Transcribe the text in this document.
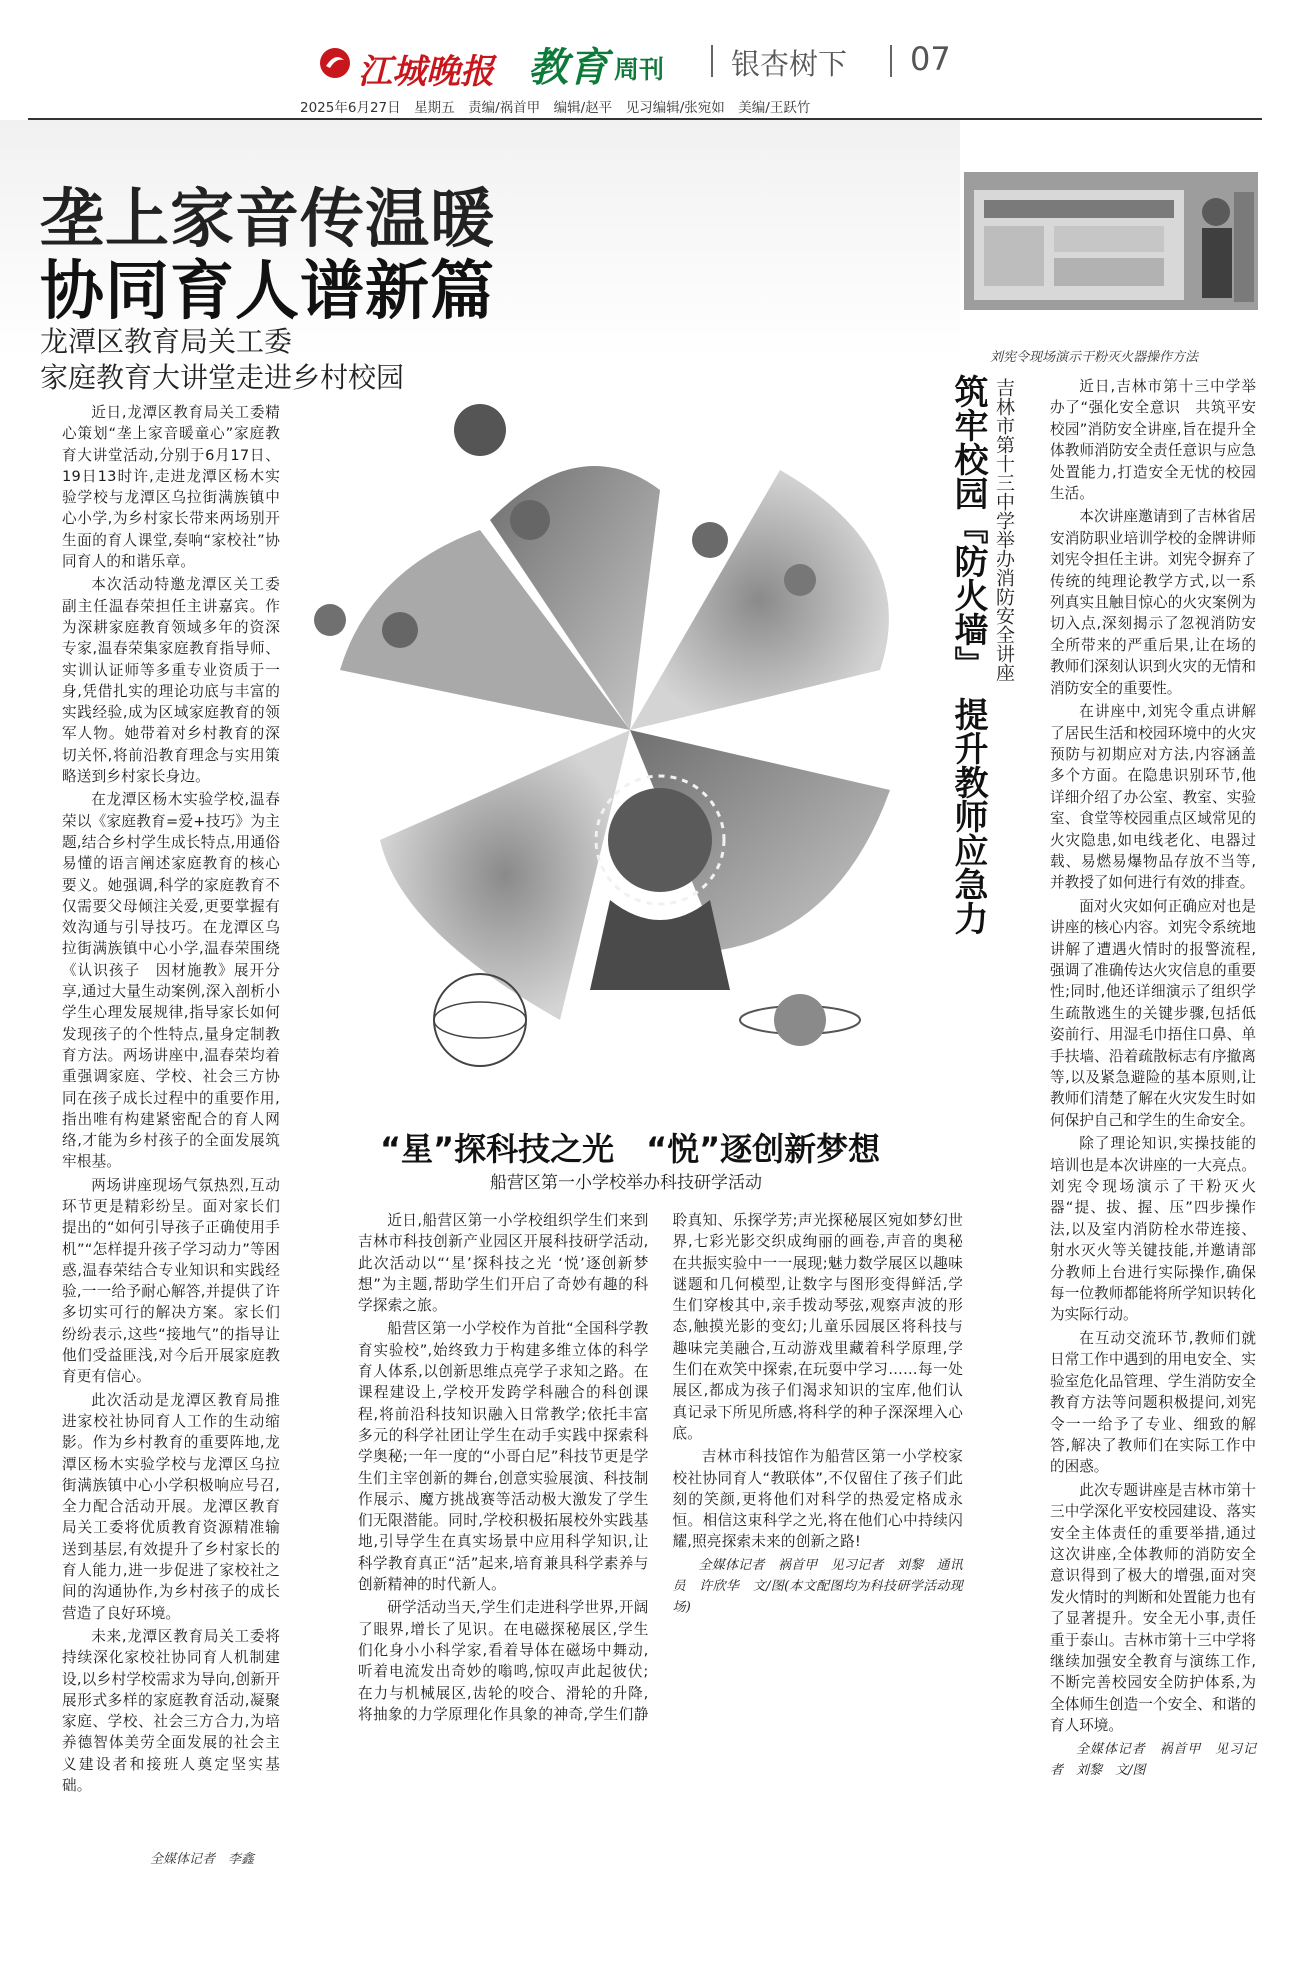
江城晚报 教育 周刊 银杏树下 07
2025年6月27日　星期五　责编/祸首甲　编辑/赵平　见习编辑/张宛如　美编/王跃竹
垄上家音传温暖
协同育人谱新篇
龙潭区教育局关工委
家庭教育大讲堂走进乡村校园

近日,龙潭区教育局关工委精心策划“垄上家音暖童心”家庭教育大讲堂活动,分别于6月17日、19日13时许,走进龙潭区杨木实验学校与龙潭区乌拉街满族镇中心小学,为乡村家长带来两场别开生面的育人课堂,奏响“家校社”协同育人的和谐乐章。

本次活动特邀龙潭区关工委副主任温春荣担任主讲嘉宾。作为深耕家庭教育领域多年的资深专家,温春荣集家庭教育指导师、实训认证师等多重专业资质于一身,凭借扎实的理论功底与丰富的实践经验,成为区域家庭教育的领军人物。她带着对乡村教育的深切关怀,将前沿教育理念与实用策略送到乡村家长身边。

在龙潭区杨木实验学校,温春荣以《家庭教育=爱+技巧》为主题,结合乡村学生成长特点,用通俗易懂的语言阐述家庭教育的核心要义。她强调,科学的家庭教育不仅需要父母倾注关爱,更要掌握有效沟通与引导技巧。在龙潭区乌拉街满族镇中心小学,温春荣围绕《认识孩子　因材施教》展开分享,通过大量生动案例,深入剖析小学生心理发展规律,指导家长如何发现孩子的个性特点,量身定制教育方法。两场讲座中,温春荣均着重强调家庭、学校、社会三方协同在孩子成长过程中的重要作用,指出唯有构建紧密配合的育人网络,才能为乡村孩子的全面发展筑牢根基。

两场讲座现场气氛热烈,互动环节更是精彩纷呈。面对家长们提出的“如何引导孩子正确使用手机”“怎样提升孩子学习动力”等困惑,温春荣结合专业知识和实践经验,一一给予耐心解答,并提供了许多切实可行的解决方案。家长们纷纷表示,这些“接地气”的指导让他们受益匪浅,对今后开展家庭教育更有信心。

此次活动是龙潭区教育局推进家校社协同育人工作的生动缩影。作为乡村教育的重要阵地,龙潭区杨木实验学校与龙潭区乌拉街满族镇中心小学积极响应号召,全力配合活动开展。龙潭区教育局关工委将优质教育资源精准输送到基层,有效提升了乡村家长的育人能力,进一步促进了家校社之间的沟通协作,为乡村孩子的成长营造了良好环境。

未来,龙潭区教育局关工委将持续深化家校社协同育人机制建设,以乡村学校需求为导向,创新开展形式多样的家庭教育活动,凝聚家庭、学校、社会三方合力,为培养德智体美劳全面发展的社会主义建设者和接班人奠定坚实基础。

全媒体记者　李鑫
“星”探科技之光　“悦”逐创新梦想
船营区第一小学校举办科技研学活动

近日,船营区第一小学校组织学生们来到吉林市科技创新产业园区开展科技研学活动,此次活动以“‘星’探科技之光 ‘悦’逐创新梦想”为主题,帮助学生们开启了奇妙有趣的科学探索之旅。

船营区第一小学校作为首批“全国科学教育实验校”,始终致力于构建多维立体的科学育人体系,以创新思维点亮学子求知之路。在课程建设上,学校开发跨学科融合的科创课程,将前沿科技知识融入日常教学;依托丰富多元的科学社团让学生在动手实践中探索科学奥秘;一年一度的“小哥白尼”科技节更是学生们主宰创新的舞台,创意实验展演、科技制作展示、魔方挑战赛等活动极大激发了学生们无限潜能。同时,学校积极拓展校外实践基地,引导学生在真实场景中应用科学知识,让科学教育真正“活”起来,培育兼具科学素养与创新精神的时代新人。

研学活动当天,学生们走进科学世界,开阔了眼界,增长了见识。在电磁探秘展区,学生们化身小小科学家,看着导体在磁场中舞动,听着电流发出奇妙的嗡鸣,惊叹声此起彼伏;在力与机械展区,齿轮的咬合、滑轮的升降,将抽象的力学原理化作具象的神奇,学生们静聆真知、乐探学芳;声光探秘展区宛如梦幻世界,七彩光影交织成绚丽的画卷,声音的奥秘在共振实验中一一展现;魅力数学展区以趣味谜题和几何模型,让数字与图形变得鲜活,学生们穿梭其中,亲手拨动琴弦,观察声波的形态,触摸光影的变幻;儿童乐园展区将科技与趣味完美融合,互动游戏里藏着科学原理,学生们在欢笑中探索,在玩耍中学习……每一处展区,都成为孩子们渴求知识的宝库,他们认真记录下所见所感,将科学的种子深深埋入心底。

吉林市科技馆作为船营区第一小学校家校社协同育人“教联体”,不仅留住了孩子们此刻的笑颜,更将他们对科学的热爱定格成永恒。相信这束科学之光,将在他们心中持续闪耀,照亮探索未来的创新之路!

全媒体记者　祸首甲　见习记者　刘黎　通讯员　许欣华　文/图(本文配图均为科技研学活动现场)

刘宪令现场演示干粉灭火器操作方法
筑牢校园『防火墙』　提升教师应急力 吉林市第十三中学举办消防安全讲座	近日,吉林市第十三中学举办了“强化安全意识　共筑平安校园”消防安全讲座,旨在提升全体教师消防安全责任意识与应急处置能力,打造安全无忧的校园生活。

本次讲座邀请到了吉林省居安消防职业培训学校的金牌讲师刘宪令担任主讲。刘宪令摒弃了传统的纯理论教学方式,以一系列真实且触目惊心的火灾案例为切入点,深刻揭示了忽视消防安全所带来的严重后果,让在场的教师们深刻认识到火灾的无情和消防安全的重要性。

在讲座中,刘宪令重点讲解了居民生活和校园环境中的火灾预防与初期应对方法,内容涵盖多个方面。在隐患识别环节,他详细介绍了办公室、教室、实验室、食堂等校园重点区域常见的火灾隐患,如电线老化、电器过载、易燃易爆物品存放不当等,并教授了如何进行有效的排查。

面对火灾如何正确应对也是讲座的核心内容。刘宪令系统地讲解了遭遇火情时的报警流程,强调了准确传达火灾信息的重要性;同时,他还详细演示了组织学生疏散逃生的关键步骤,包括低姿前行、用湿毛巾捂住口鼻、单手扶墙、沿着疏散标志有序撤离等,以及紧急避险的基本原则,让教师们清楚了解在火灾发生时如何保护自己和学生的生命安全。

除了理论知识,实操技能的培训也是本次讲座的一大亮点。刘宪令现场演示了干粉灭火器“提、拔、握、压”四步操作法,以及室内消防栓水带连接、射水灭火等关键技能,并邀请部分教师上台进行实际操作,确保每一位教师都能将所学知识转化为实际行动。

在互动交流环节,教师们就日常工作中遇到的用电安全、实验室危化品管理、学生消防安全教育方法等问题积极提问,刘宪令一一给予了专业、细致的解答,解决了教师们在实际工作中的困惑。

此次专题讲座是吉林市第十三中学深化平安校园建设、落实安全主体责任的重要举措,通过这次讲座,全体教师的消防安全意识得到了极大的增强,面对突发火情时的判断和处置能力也有了显著提升。安全无小事,责任重于泰山。吉林市第十三中学将继续加强安全教育与演练工作,不断完善校园安全防护体系,为全体师生创造一个安全、和谐的育人环境。

全媒体记者　祸首甲　见习记者　刘黎　文/图
